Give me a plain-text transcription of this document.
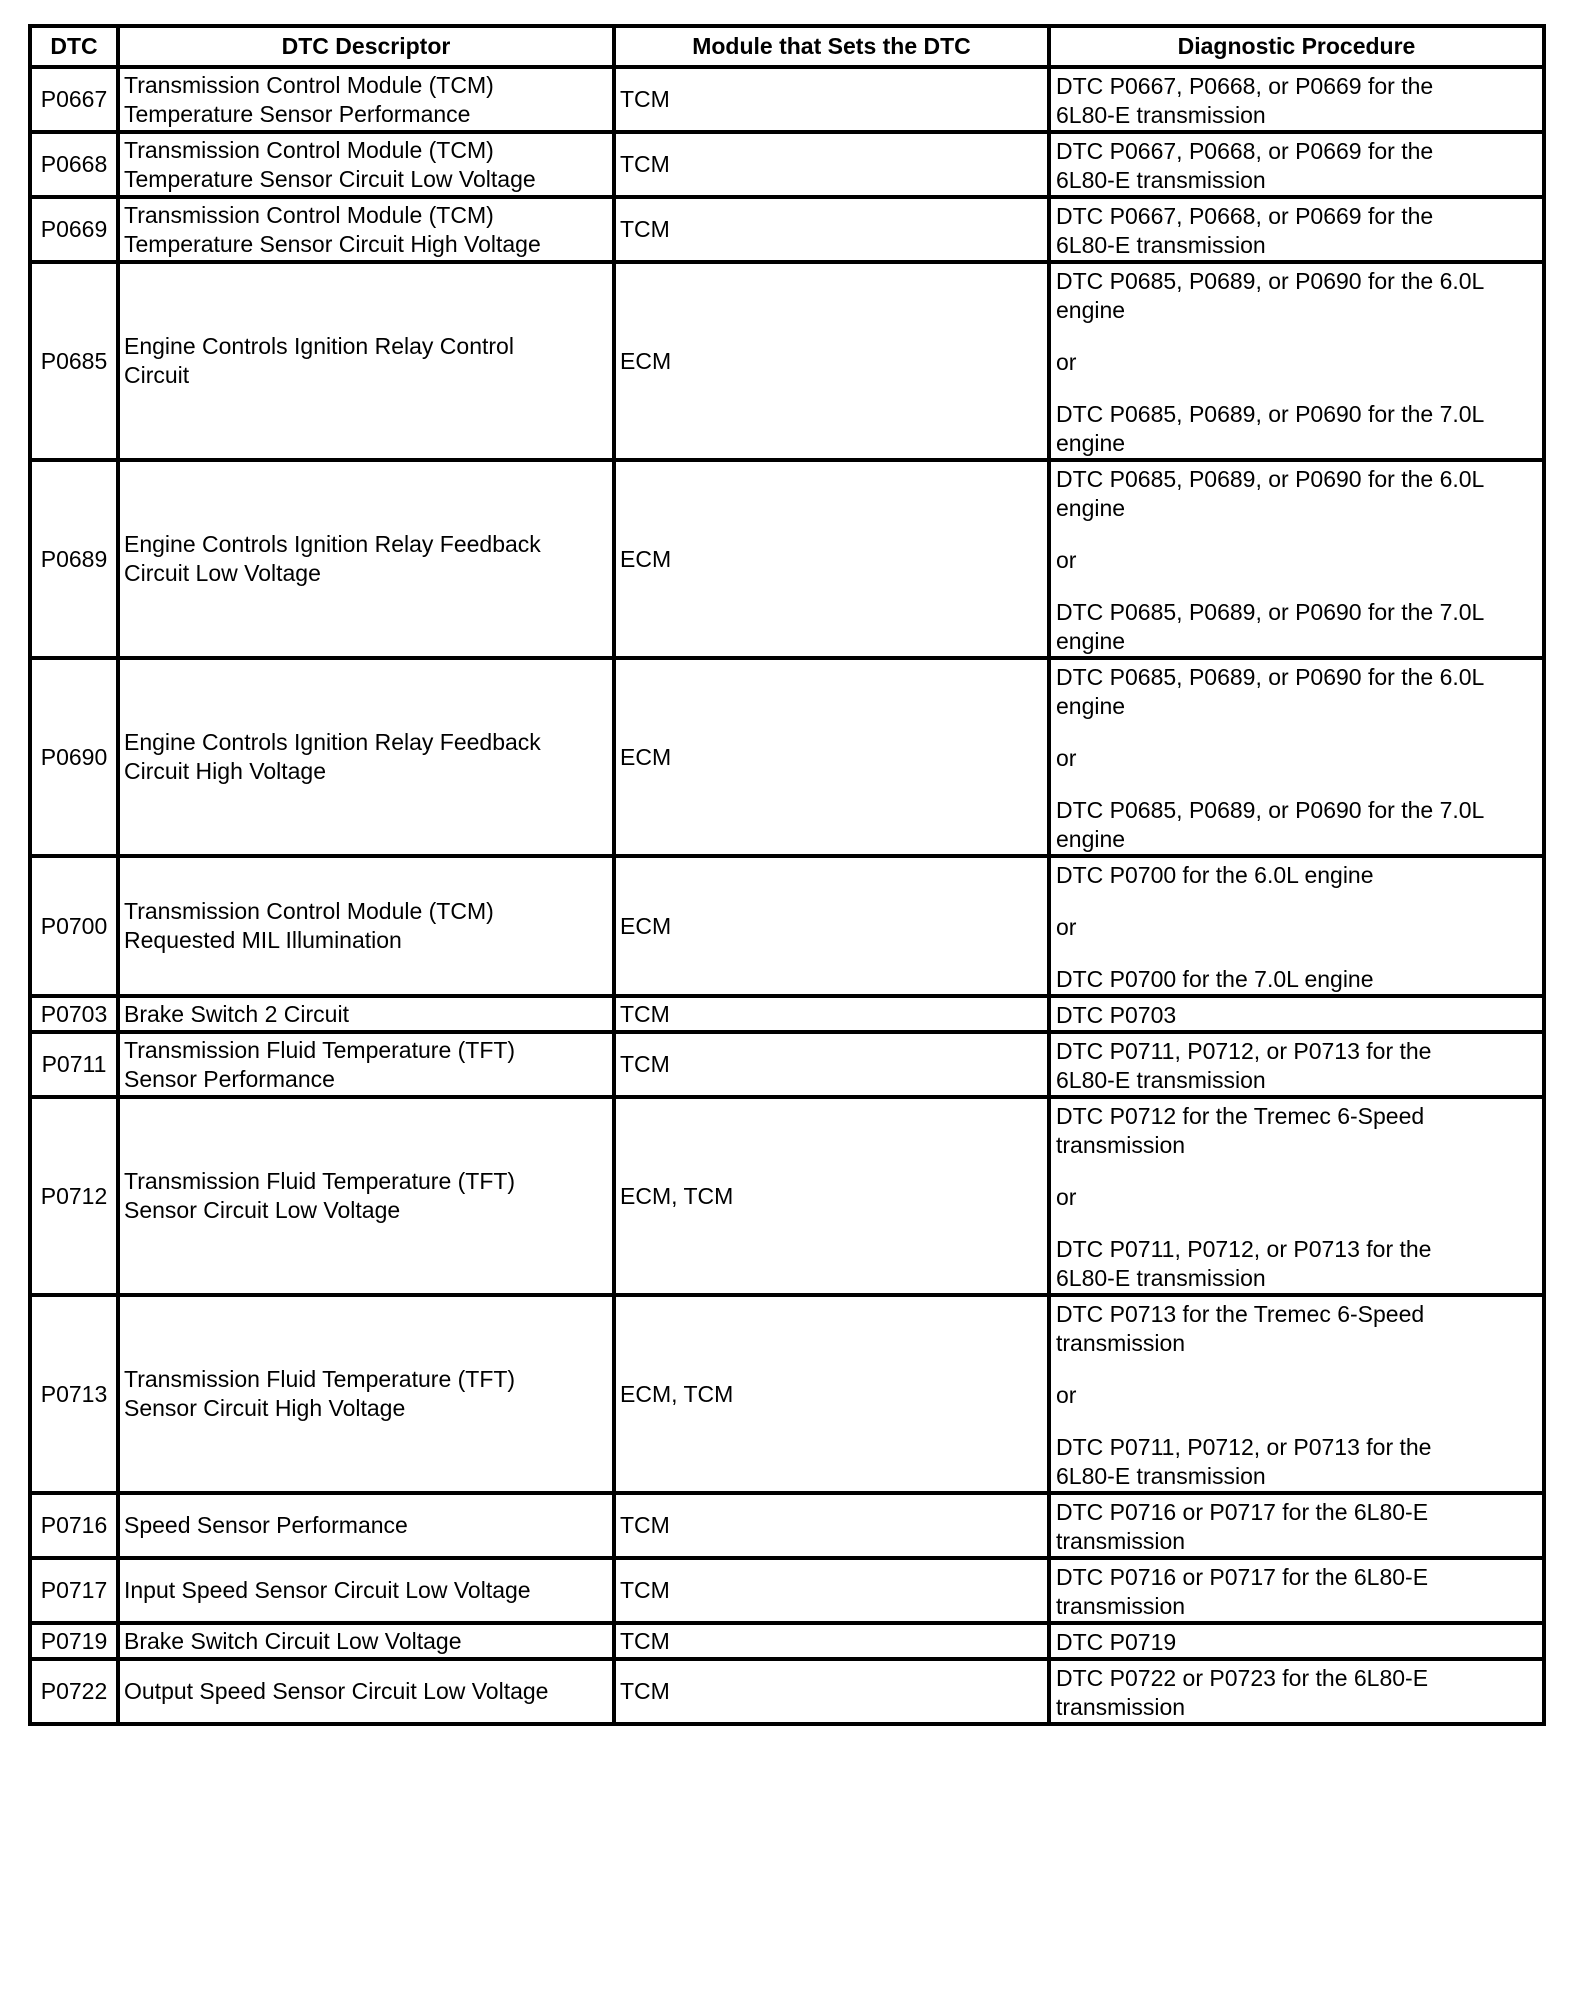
DTC	DTC Descriptor	Module that Sets the DTC	Diagnostic Procedure
P0667	Transmission Control Module (TCM)
Temperature Sensor Performance	TCM	DTC P0667, P0668, or P0669 for the
6L80-E transmission

P0668	Transmission Control Module (TCM)
Temperature Sensor Circuit Low Voltage	TCM	DTC P0667, P0668, or P0669 for the
6L80-E transmission

P0669	Transmission Control Module (TCM)
Temperature Sensor Circuit High Voltage	TCM	DTC P0667, P0668, or P0669 for the
6L80-E transmission

P0685	Engine Controls Ignition Relay Control
Circuit	ECM	DTC P0685, P0689, or P0690 for the 6.0L
engine
or
DTC P0685, P0689, or P0690 for the 7.0L
engine

P0689	Engine Controls Ignition Relay Feedback
Circuit Low Voltage	ECM	DTC P0685, P0689, or P0690 for the 6.0L
engine
or
DTC P0685, P0689, or P0690 for the 7.0L
engine

P0690	Engine Controls Ignition Relay Feedback
Circuit High Voltage	ECM	DTC P0685, P0689, or P0690 for the 6.0L
engine
or
DTC P0685, P0689, or P0690 for the 7.0L
engine

P0700	Transmission Control Module (TCM)
Requested MIL Illumination	ECM	DTC P0700 for the 6.0L engine
or
DTC P0700 for the 7.0L engine

P0703	Brake Switch 2 Circuit	TCM	DTC P0703

P0711	Transmission Fluid Temperature (TFT)
Sensor Performance	TCM	DTC P0711, P0712, or P0713 for the
6L80-E transmission

P0712	Transmission Fluid Temperature (TFT)
Sensor Circuit Low Voltage	ECM, TCM	DTC P0712 for the Tremec 6-Speed
transmission
or
DTC P0711, P0712, or P0713 for the
6L80-E transmission

P0713	Transmission Fluid Temperature (TFT)
Sensor Circuit High Voltage	ECM, TCM	DTC P0713 for the Tremec 6-Speed
transmission
or
DTC P0711, P0712, or P0713 for the
6L80-E transmission

P0716	Speed Sensor Performance	TCM	DTC P0716 or P0717 for the 6L80-E
transmission

P0717	Input Speed Sensor Circuit Low Voltage	TCM	DTC P0716 or P0717 for the 6L80-E
transmission

P0719	Brake Switch Circuit Low Voltage	TCM	DTC P0719

P0722	Output Speed Sensor Circuit Low Voltage	TCM	DTC P0722 or P0723 for the 6L80-E
transmission
